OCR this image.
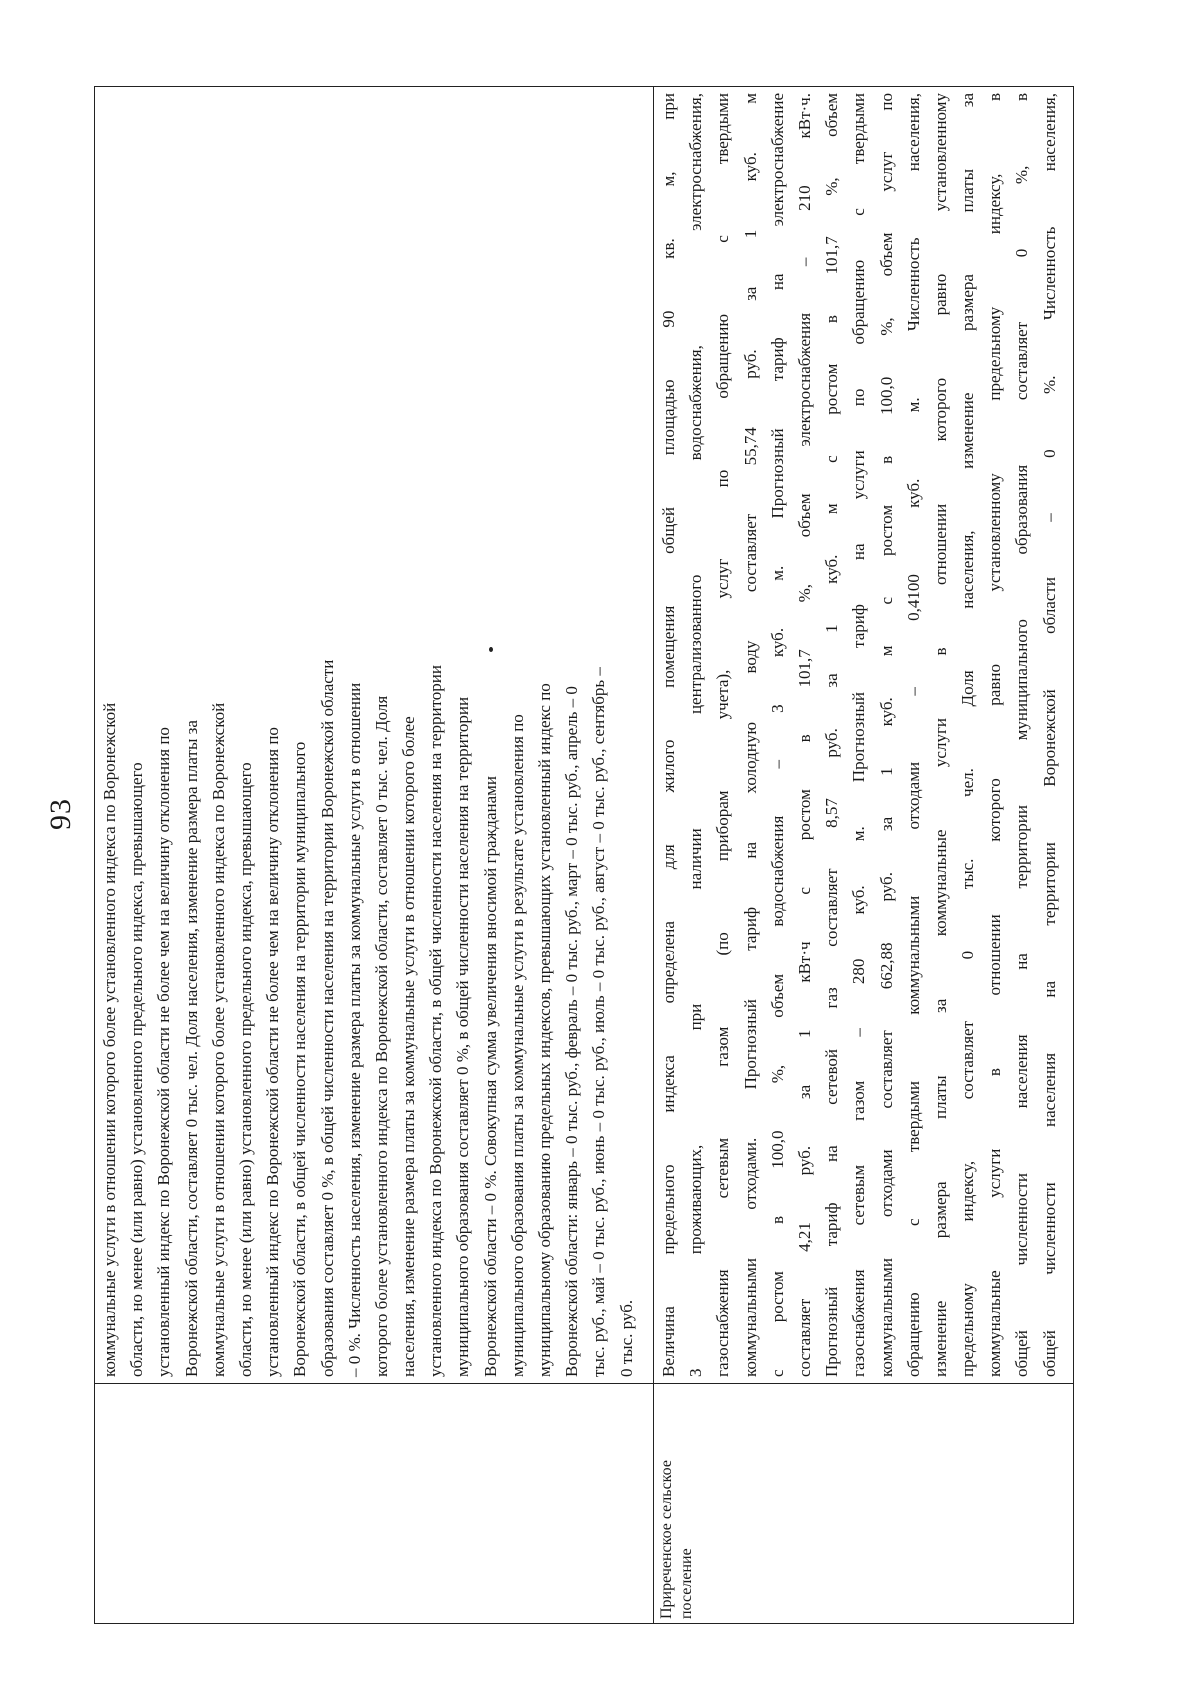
93 коммунальные услуги в отношении которого более установленного индекса по Воронежской области, но менее (или равно) установленного предельного индекса, превышающего установленный индекс по Воронежской области не более чем на величину отклонения по Воронежской области, составляет 0 тыс. чел. Доля населения, изменение размера платы за коммунальные услуги в отношении которого более установленного индекса по Воронежской области, но менее (или равно) установленного предельного индекса, превышающего установленный индекс по Воронежской области не более чем на величину отклонения по Воронежской области, в общей численности населения на территории муниципального образования составляет 0 %, в общей численности населения на территории Воронежской области – 0 %. Численность населения, изменение размера платы за коммунальные услуги в отношении которого более установленного индекса по Воронежской области, составляет 0 тыс. чел. Доля населения, изменение размера платы за коммунальные услуги в отношении которого более установленного индекса по Воронежской области, в общей численности населения на территории муниципального образования составляет 0 %, в общей численности населения на территории Воронежской области – 0 %. Совокупная сумма увеличения вносимой гражданами муниципального образования платы за коммунальные услуги в результате установления по муниципальному образованию предельных индексов, превышающих установленный индекс по Воронежской области: январь – 0 тыс. руб., февраль – 0 тыс. руб., март – 0 тыс. руб., апрель – 0 тыс. руб., май – 0 тыс. руб., июнь – 0 тыс. руб., июль – 0 тыс. руб., август – 0 тыс. руб., сентябрь – 0 тыс. руб.

Приреченское сельское поселение

Величина предельного индекса определена для жилого помещения общей площадью 90 кв. м, при 3 проживающих, при наличии централизованного водоснабжения, электроснабжения, газоснабжения сетевым газом (по приборам учета), услуг по обращению с твердыми коммунальными отходами. Прогнозный тариф на холодную воду составляет 55,74 руб. за 1 куб. м с ростом в 100,0 %, объем водоснабжения – 3 куб. м. Прогнозный тариф на электроснабжение составляет 4,21 руб. за 1 кВт·ч с ростом в 101,7 %, объем электроснабжения – 210 кВт·ч. Прогнозный тариф на сетевой газ составляет 8,57 руб. за 1 куб. м с ростом в 101,7 %, объем газоснабжения сетевым газом – 280 куб. м. Прогнозный тариф на услуги по обращению с твердыми коммунальными отходами составляет 662,88 руб. за 1 куб. м с ростом в 100,0 %, объем услуг по обращению с твердыми коммунальными отходами – 0,4100 куб. м. Численность населения, изменение размера платы за коммунальные услуги в отношении которого равно установленному предельному индексу, составляет 0 тыс. чел. Доля населения, изменение размера платы за коммунальные услуги в отношении которого равно установленному предельному индексу, в общей численности населения на территории муниципального образования составляет 0 %, в общей численности населения на территории Воронежской области – 0 %. Численность населения,
